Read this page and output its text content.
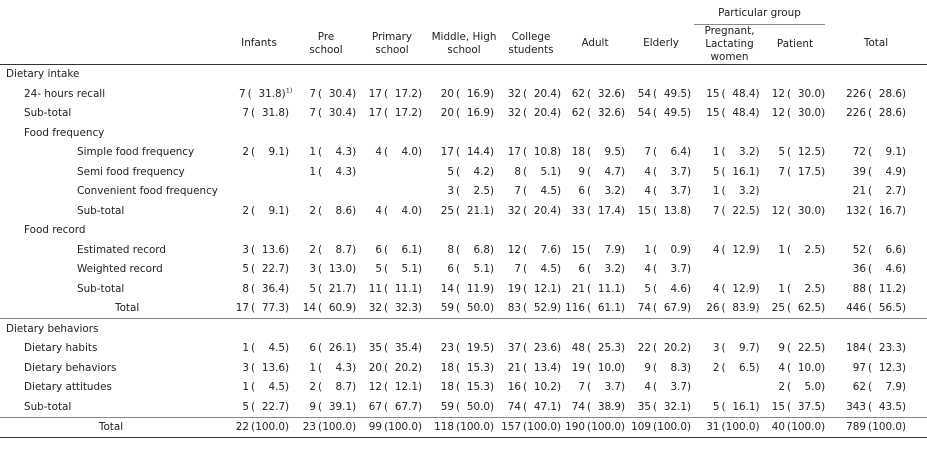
								Particular group		
	Infants	Pre
school	Primary
school	Middle, High
school	College
students	Adult	Elderly	Pregnant,
Lactating
women	Patient	Total
Dietary intake										
24- hours recall	7 ( 31.8)$^{1)}$	7 ( 30.4)	17 ( 17.2)	20 ( 16.9)	32 ( 20.4)	62 ( 32.6)	54 ( 49.5)	15 ( 48.4)	12 ( 30.0)	226 ( 28.6)
Sub-total	7 ( 31.8)	7 ( 30.4)	17 ( 17.2)	20 ( 16.9)	32 ( 20.4)	62 ( 32.6)	54 ( 49.5)	15 ( 48.4)	12 ( 30.0)	226 ( 28.6)
Food frequency										
Simple food frequency	2 ( 9.1)	1 ( 4.3)	4 ( 4.0)	17 ( 14.4)	17 ( 10.8)	18 ( 9.5)	7 ( 6.4)	1 ( 3.2)	5 ( 12.5)	72 ( 9.1)
Semi food frequency		1 ( 4.3)		5 ( 4.2)	8 ( 5.1)	9 ( 4.7)	4 ( 3.7)	5 ( 16.1)	7 ( 17.5)	39 ( 4.9)
Convenient food frequency				3 ( 2.5)	7 ( 4.5)	6 ( 3.2)	4 ( 3.7)	1 ( 3.2)		21 ( 2.7)
Sub-total	2 ( 9.1)	2 ( 8.6)	4 ( 4.0)	25 ( 21.1)	32 ( 20.4)	33 ( 17.4)	15 ( 13.8)	7 ( 22.5)	12 ( 30.0)	132 ( 16.7)
Food record										
Estimated record	3 ( 13.6)	2 ( 8.7)	6 ( 6.1)	8 ( 6.8)	12 ( 7.6)	15 ( 7.9)	1 ( 0.9)	4 ( 12.9)	1 ( 2.5)	52 ( 6.6)
Weighted record	5 ( 22.7)	3 ( 13.0)	5 ( 5.1)	6 ( 5.1)	7 ( 4.5)	6 ( 3.2)	4 ( 3.7)			36 ( 4.6)
Sub-total	8 ( 36.4)	5 ( 21.7)	11 ( 11.1)	14 ( 11.9)	19 ( 12.1)	21 ( 11.1)	5 ( 4.6)	4 ( 12.9)	1 ( 2.5)	88 ( 11.2)
Total	17 ( 77.3)	14 ( 60.9)	32 ( 32.3)	59 ( 50.0)	83 ( 52.9)	116 ( 61.1)	74 ( 67.9)	26 ( 83.9)	25 ( 62.5)	446 ( 56.5)
Dietary behaviors										
Dietary habits	1 ( 4.5)	6 ( 26.1)	35 ( 35.4)	23 ( 19.5)	37 ( 23.6)	48 ( 25.3)	22 ( 20.2)	3 ( 9.7)	9 ( 22.5)	184 ( 23.3)
Dietary behaviors	3 ( 13.6)	1 ( 4.3)	20 ( 20.2)	18 ( 15.3)	21 ( 13.4)	19 ( 10.0)	9 ( 8.3)	2 ( 6.5)	4 ( 10.0)	97 ( 12.3)
Dietary attitudes	1 ( 4.5)	2 ( 8.7)	12 ( 12.1)	18 ( 15.3)	16 ( 10.2)	7 ( 3.7)	4 ( 3.7)		2 ( 5.0)	62 ( 7.9)
Sub-total	5 ( 22.7)	9 ( 39.1)	67 ( 67.7)	59 ( 50.0)	74 ( 47.1)	74 ( 38.9)	35 ( 32.1)	5 ( 16.1)	15 ( 37.5)	343 ( 43.5)
Total	22 (100.0)	23 (100.0)	99 (100.0)	118 (100.0)	157 (100.0)	190 (100.0)	109 (100.0)	31 (100.0)	40 (100.0)	789 (100.0)
